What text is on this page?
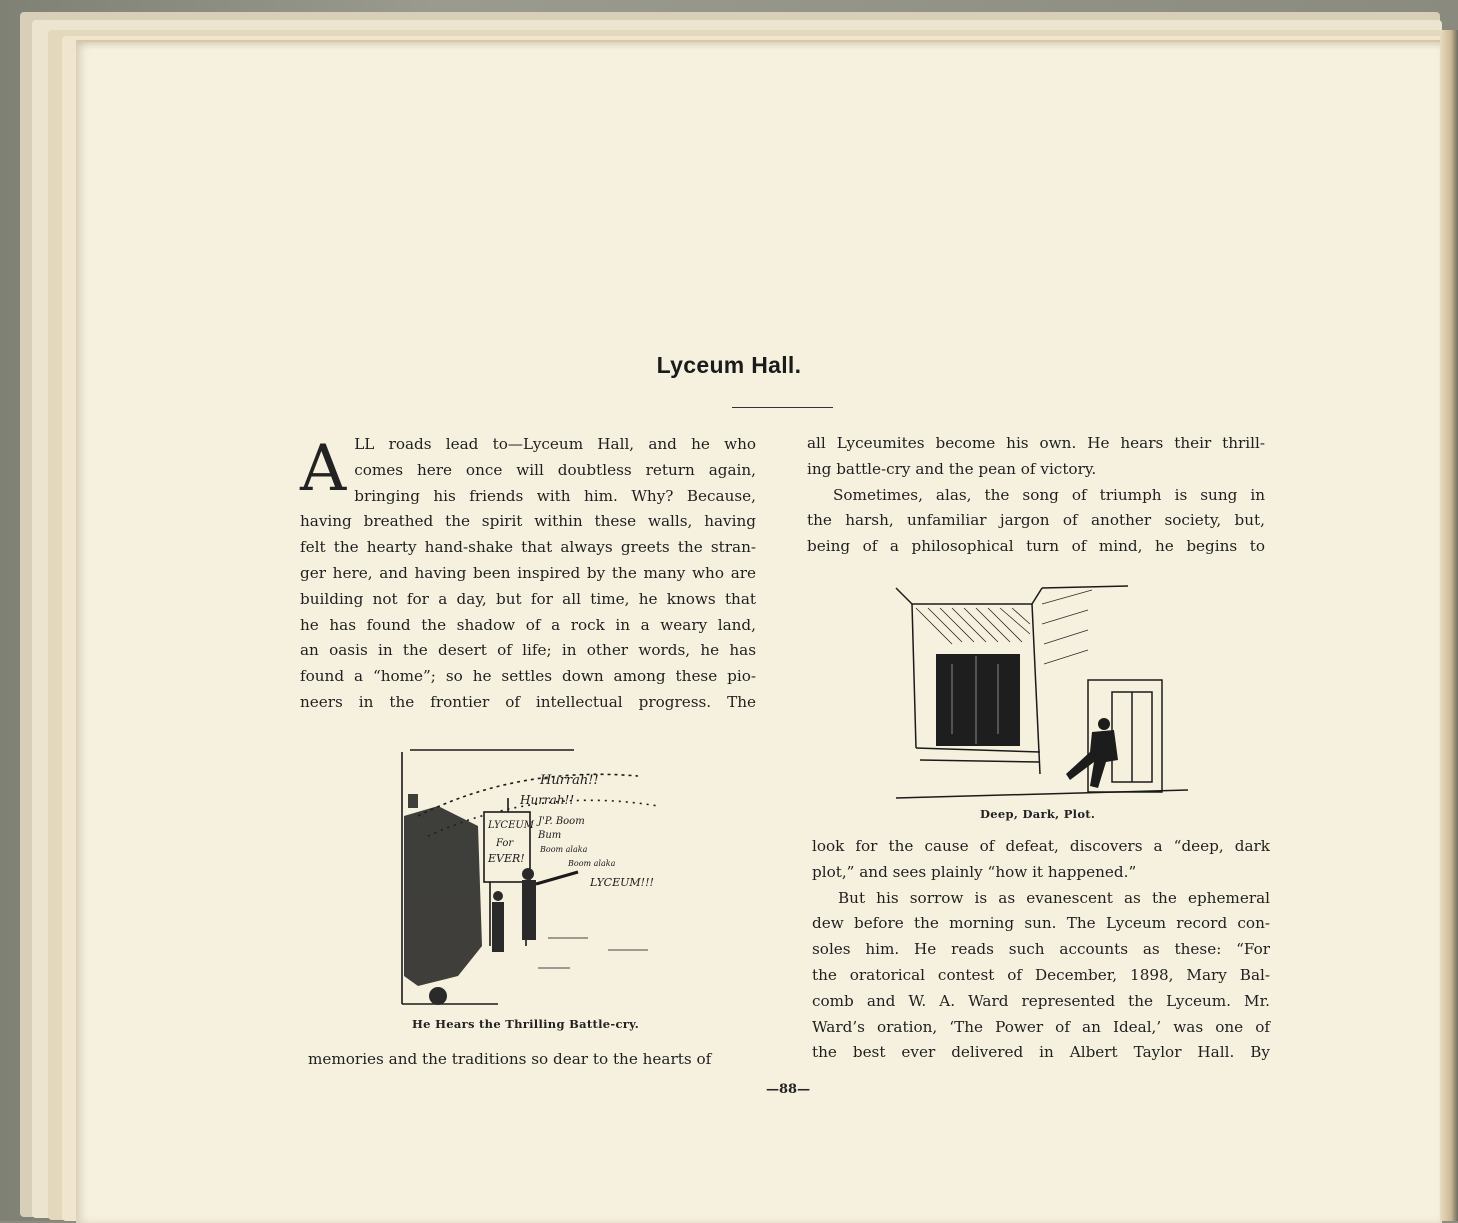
Lyceum Hall.
A LL roads lead to—Lyceum Hall, and he who
comes here once will doubtless return again,
bringing his friends with him. Why? Because,
having breathed the spirit within these walls, having
felt the hearty hand-shake that always greets the stran-
ger here, and having been inspired by the many who are
building not for a day, but for all time, he knows that
he has found the shadow of a rock in a weary land,
an oasis in the desert of life; in other words, he has
found a “home”; so he settles down among these pio-
neers in the frontier of intellectual progress. The
LYCEUM
For
EVER!
Hurrah!!
Hurrah!!
J'P. Boom
Bum
Boom alaka
Boom alaka
LYCEUM!!!
He Hears the Thrilling Battle-cry.
memories and the traditions so dear to the hearts of
all Lyceumites become his own. He hears their thrill-
ing battle-cry and the pean of victory.
Sometimes, alas, the song of triumph is sung in
the harsh, unfamiliar jargon of another society, but,
being of a philosophical turn of mind, he begins to
Deep, Dark, Plot.
look for the cause of defeat, discovers a “deep, dark
plot,” and sees plainly “how it happened.”
But his sorrow is as evanescent as the ephemeral
dew before the morning sun. The Lyceum record con-
soles him. He reads such accounts as these: “For
the oratorical contest of December, 1898, Mary Bal-
comb and W. A. Ward represented the Lyceum. Mr.
Ward’s oration, ‘The Power of an Ideal,’ was one of
the best ever delivered in Albert Taylor Hall. By
—88—
